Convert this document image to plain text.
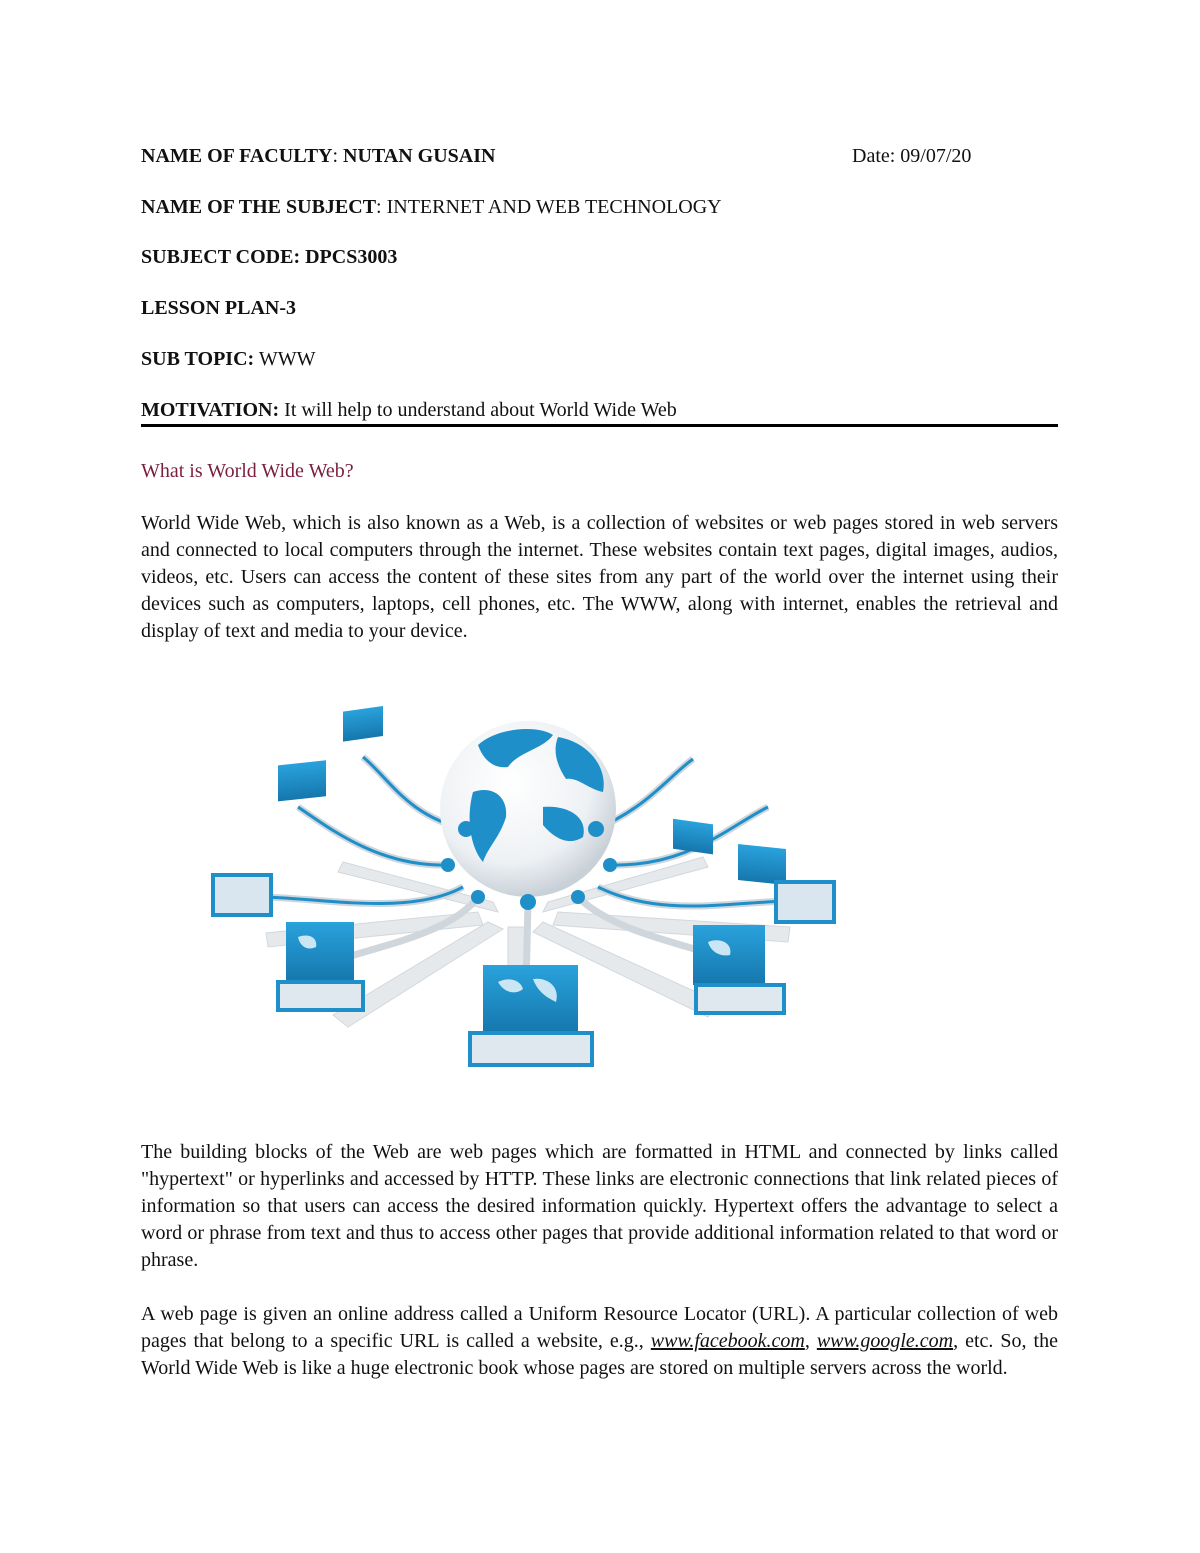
NAME OF FACULTY: NUTAN GUSAIN	Date: 09/07/20
NAME OF THE SUBJECT: INTERNET AND WEB TECHNOLOGY
SUBJECT CODE: DPCS3003
LESSON PLAN-3
SUB TOPIC: WWW
MOTIVATION: It will help to understand about World Wide Web
What is World Wide Web?
World Wide Web, which is also known as a Web, is a collection of websites or web pages stored in web servers and connected to local computers through the internet. These websites contain text pages, digital images, audios, videos, etc. Users can access the content of these sites from any part of the world over the internet using their devices such as computers, laptops, cell phones, etc. The WWW, along with internet, enables the retrieval and display of text and media to your device.
The building blocks of the Web are web pages which are formatted in HTML and connected by links called "hypertext" or hyperlinks and accessed by HTTP. These links are electronic connections that link related pieces of information so that users can access the desired information quickly. Hypertext offers the advantage to select a word or phrase from text and thus to access other pages that provide additional information related to that word or phrase.
A web page is given an online address called a Uniform Resource Locator (URL). A particular collection of web pages that belong to a specific URL is called a website, e.g., www.facebook.com, www.google.com, etc. So, the World Wide Web is like a huge electronic book whose pages are stored on multiple servers across the world.
